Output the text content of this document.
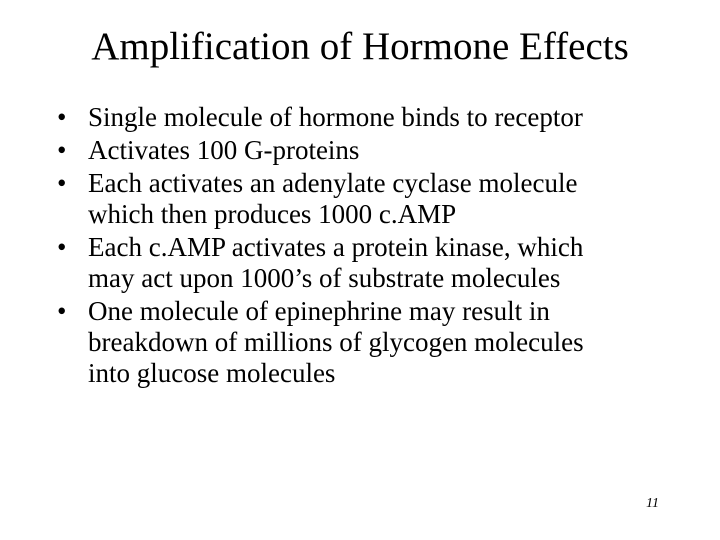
Amplification of Hormone Effects
• Single molecule of hormone binds to receptor
• Activates 100 G-proteins
• Each activates an adenylate cyclase molecule
which then produces 1000 c.AMP
• Each c.AMP activates a protein kinase, which
may act upon 1000’s of substrate molecules
• One molecule of epinephrine may result in
breakdown of millions of glycogen molecules
into glucose molecules
11
